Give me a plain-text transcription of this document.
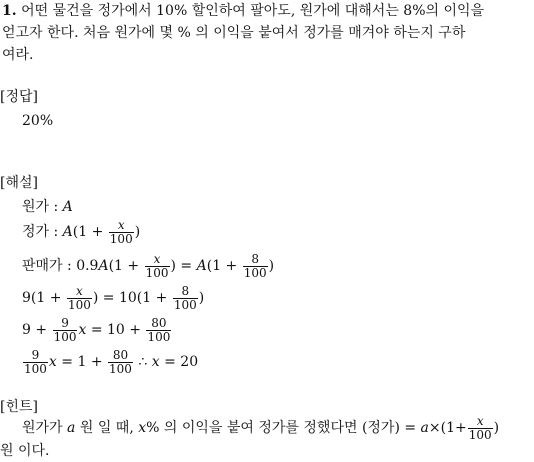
1. 어떤 물건을 정가에서 10% 할인하여 팔아도, 원가에 대해서는 8%의 이익을
얻고자 한다. 처음 원가에 몇 % 의 이익을 붙여서 정가를 매겨야 하는지 구하
여라.
[정답]
20%
[해설]
원가 : A
정가 : $A(1 + \frac{x}{100}$ )
판매가 : $0.9A(1 + \frac{x}{100}$ ) = $A(1 + \frac{8}{100}$ )
$9(1 + \frac{x}{100}$ ) = $10(1 + \frac{8}{100}$ )
$9 + \frac{9}{100}$ $x = 10 + \frac{80}{100}$
$\frac{9}{100}$ $x = 1 + \frac{80}{100}$ ∴ x = 20
[힌트]
원가가 a 원 일 때, x% 의 이익을 붙여 정가를 정했다면 (정가) = $a\times(1+ \frac{x}{100}$ )
원 이다.
